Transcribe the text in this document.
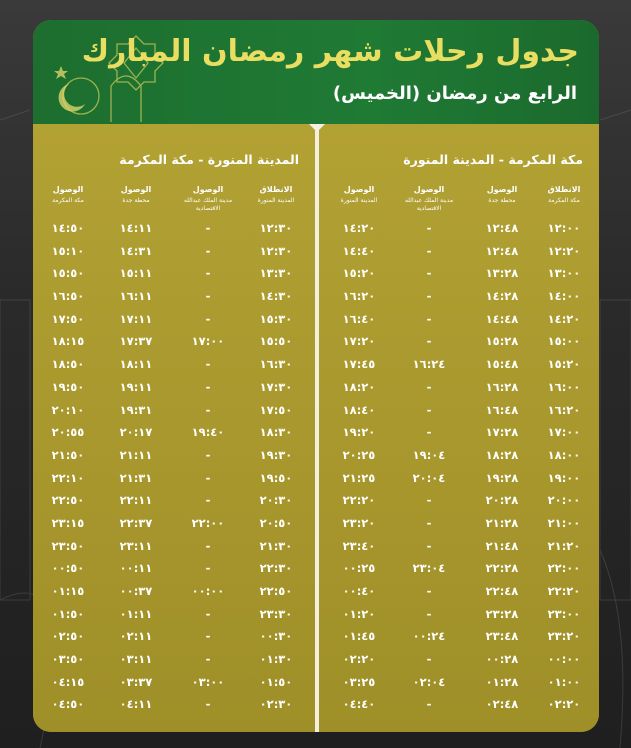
جدول رحلات شهر رمضان المبارك
الرابع من رمضان (الخميس)
مكة المكرمة - المدينة المنورة
الانطلاق
مكة المكرمة
الوصول
محطة جدة
الوصول
مدينة الملك عبدالله الاقتصادية
الوصول
المدينة المنورة
١٢:٠٠
١٢:٤٨
-
١٤:٢٠
١٢:٢٠
١٢:٤٨
-
١٤:٤٠
١٣:٠٠
١٣:٢٨
-
١٥:٢٠
١٤:٠٠
١٤:٢٨
-
١٦:٢٠
١٤:٢٠
١٤:٤٨
-
١٦:٤٠
١٥:٠٠
١٥:٢٨
-
١٧:٢٠
١٥:٢٠
١٥:٤٨
١٦:٢٤
١٧:٤٥
١٦:٠٠
١٦:٢٨
-
١٨:٢٠
١٦:٢٠
١٦:٤٨
-
١٨:٤٠
١٧:٠٠
١٧:٢٨
-
١٩:٢٠
١٨:٠٠
١٨:٢٨
١٩:٠٤
٢٠:٢٥
١٩:٠٠
١٩:٢٨
٢٠:٠٤
٢١:٢٥
٢٠:٠٠
٢٠:٢٨
-
٢٢:٢٠
٢١:٠٠
٢١:٢٨
-
٢٣:٢٠
٢١:٢٠
٢١:٤٨
-
٢٣:٤٠
٢٢:٠٠
٢٢:٢٨
٢٣:٠٤
٠٠:٢٥
٢٢:٢٠
٢٢:٤٨
-
٠٠:٤٠
٢٣:٠٠
٢٣:٢٨
-
٠١:٢٠
٢٣:٢٠
٢٣:٤٨
٠٠:٢٤
٠١:٤٥
٠٠:٠٠
٠٠:٢٨
-
٠٢:٢٠
٠١:٠٠
٠١:٢٨
٠٢:٠٤
٠٣:٢٥
٠٢:٢٠
٠٢:٤٨
-
٠٤:٤٠
المدينة المنورة - مكة المكرمة
الانطلاق
المدينة المنورة
الوصول
مدينة الملك عبدالله الاقتصادية
الوصول
محطة جدة
الوصول
مكة المكرمة
١٢:٣٠
-
١٤:١١
١٤:٥٠
١٢:٣٠
-
١٤:٣١
١٥:١٠
١٣:٣٠
-
١٥:١١
١٥:٥٠
١٤:٣٠
-
١٦:١١
١٦:٥٠
١٥:٣٠
-
١٧:١١
١٧:٥٠
١٥:٥٠
١٧:٠٠
١٧:٣٧
١٨:١٥
١٦:٣٠
-
١٨:١١
١٨:٥٠
١٧:٣٠
-
١٩:١١
١٩:٥٠
١٧:٥٠
-
١٩:٣١
٢٠:١٠
١٨:٣٠
١٩:٤٠
٢٠:١٧
٢٠:٥٥
١٩:٣٠
-
٢١:١١
٢١:٥٠
١٩:٥٠
-
٢١:٣١
٢٢:١٠
٢٠:٣٠
-
٢٢:١١
٢٢:٥٠
٢٠:٥٠
٢٢:٠٠
٢٢:٣٧
٢٣:١٥
٢١:٣٠
-
٢٣:١١
٢٣:٥٠
٢٢:٣٠
-
٠٠:١١
٠٠:٥٠
٢٢:٥٠
٠٠:٠٠
٠٠:٣٧
٠١:١٥
٢٣:٣٠
-
٠١:١١
٠١:٥٠
٠٠:٣٠
-
٠٢:١١
٠٢:٥٠
٠١:٣٠
-
٠٣:١١
٠٣:٥٠
٠١:٥٠
٠٣:٠٠
٠٣:٣٧
٠٤:١٥
٠٢:٣٠
-
٠٤:١١
٠٤:٥٠
